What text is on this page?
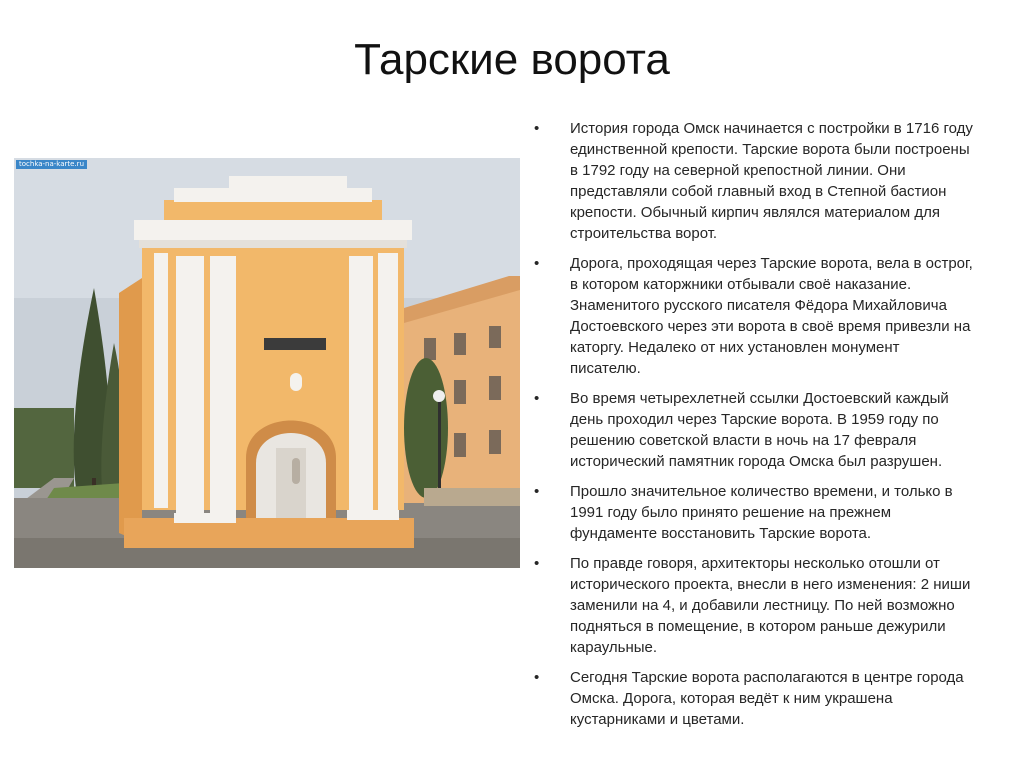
Тарские ворота
tochka-na-karte.ru
• История города Омск начинается с постройки в 1716 году единственной крепости. Тарские ворота были построены в 1792 году на северной крепостной линии. Они представляли собой главный вход в Степной бастион крепости. Обычный кирпич являлся материалом для строительства ворот.
• Дорога, проходящая через Тарские ворота, вела в острог, в котором каторжники отбывали своё наказание. Знаменитого русского писателя Фёдора Михайловича Достоевского через эти ворота в своё время привезли на каторгу. Недалеко от них установлен монумент писателю.
• Во время четырехлетней ссылки Достоевский каждый день проходил через Тарские ворота. В 1959 году по решению советской власти в ночь на 17 февраля исторический памятник города Омска был разрушен.
• Прошло значительное количество времени, и только в 1991 году было принято решение на прежнем фундаменте восстановить Тарские ворота.
• По правде говоря, архитекторы несколько отошли от исторического проекта, внесли в него изменения: 2 ниши заменили на 4, и добавили лестницу. По ней возможно подняться в помещение, в котором раньше дежурили караульные.
• Сегодня Тарские ворота располагаются в центре города Омска. Дорога, которая ведёт к ним украшена кустарниками и цветами.
